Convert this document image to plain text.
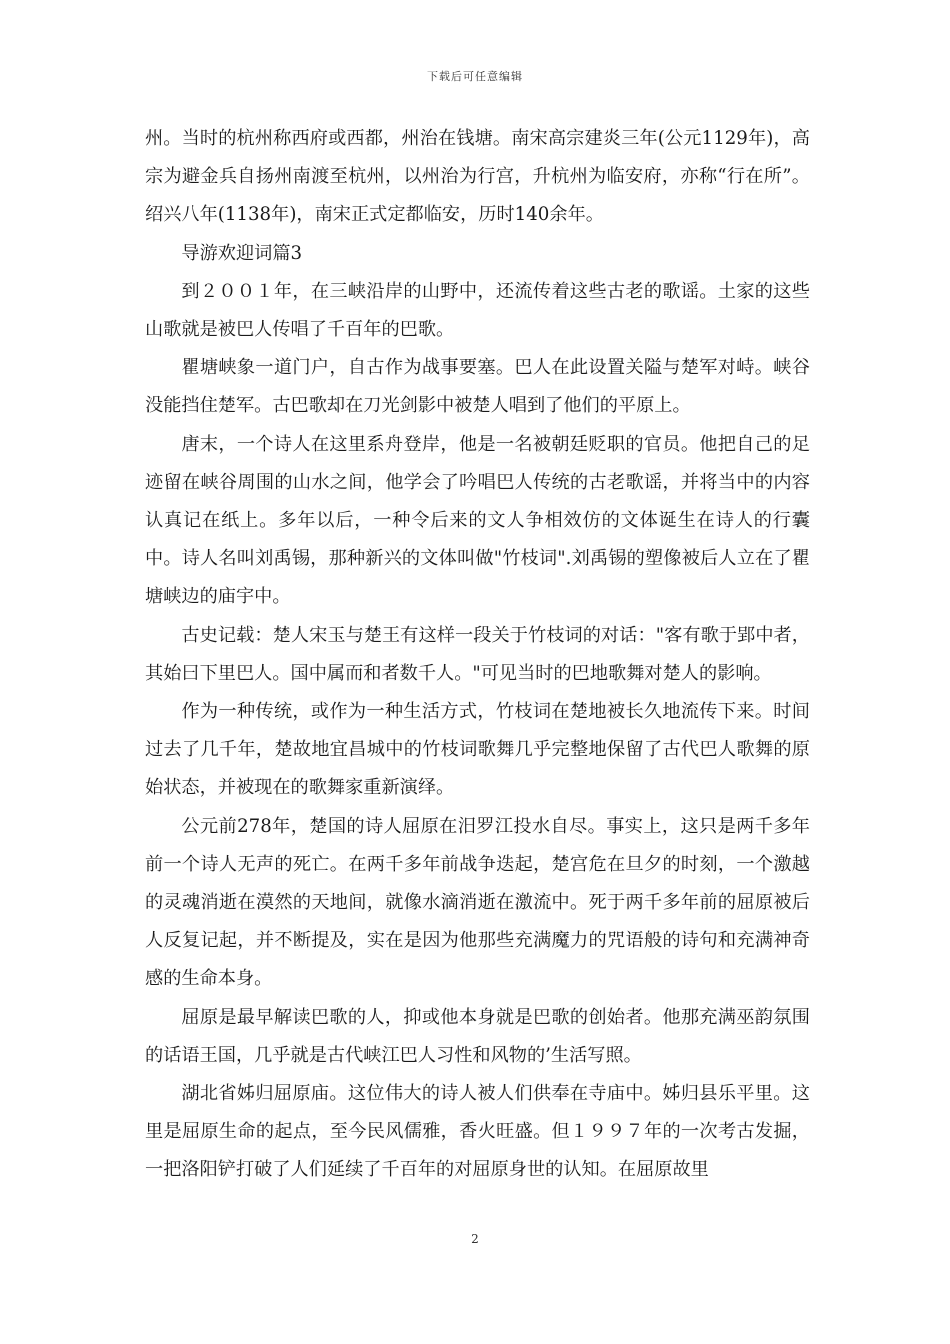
下载后可任意编辑

州。当时的杭州称西府或西都，州治在钱塘。南宋高宗建炎三年(公元1129年)，高宗为避金兵自扬州南渡至杭州，以州治为行宫，升杭州为临安府，亦称“行在所”。绍兴八年(1138年)，南宋正式定都临安，历时140余年。

导游欢迎词篇3

到２００１年，在三峡沿岸的山野中，还流传着这些古老的歌谣。土家的这些山歌就是被巴人传唱了千百年的巴歌。

瞿塘峡象一道门户，自古作为战事要塞。巴人在此设置关隘与楚军对峙。峡谷没能挡住楚军。古巴歌却在刀光剑影中被楚人唱到了他们的平原上。

唐末，一个诗人在这里系舟登岸，他是一名被朝廷贬职的官员。他把自己的足迹留在峡谷周围的山水之间，他学会了吟唱巴人传统的古老歌谣，并将当中的内容认真记在纸上。多年以后，一种令后来的文人争相效仿的文体诞生在诗人的行囊中。诗人名叫刘禹锡，那种新兴的文体叫做"竹枝词".刘禹锡的塑像被后人立在了瞿塘峡边的庙宇中。

古史记载：楚人宋玉与楚王有这样一段关于竹枝词的对话："客有歌于郢中者，其始曰下里巴人。国中属而和者数千人。"可见当时的巴地歌舞对楚人的影响。

作为一种传统，或作为一种生活方式，竹枝词在楚地被长久地流传下来。时间过去了几千年，楚故地宜昌城中的竹枝词歌舞几乎完整地保留了古代巴人歌舞的原始状态，并被现在的歌舞家重新演绎。

公元前278年，楚国的诗人屈原在汨罗江投水自尽。事实上，这只是两千多年前一个诗人无声的死亡。在两千多年前战争迭起，楚宫危在旦夕的时刻，一个激越的灵魂消逝在漠然的天地间，就像水滴消逝在激流中。死于两千多年前的屈原被后人反复记起，并不断提及，实在是因为他那些充满魔力的咒语般的诗句和充满神奇感的生命本身。

屈原是最早解读巴歌的人，抑或他本身就是巴歌的创始者。他那充满巫韵氛围的话语王国，几乎就是古代峡江巴人习性和风物的’生活写照。

湖北省姊归屈原庙。这位伟大的诗人被人们供奉在寺庙中。姊归县乐平里。这里是屈原生命的起点，至今民风儒雅，香火旺盛。但１９９７年的一次考古发掘，一把洛阳铲打破了人们延续了千百年的对屈原身世的认知。在屈原故里

2
